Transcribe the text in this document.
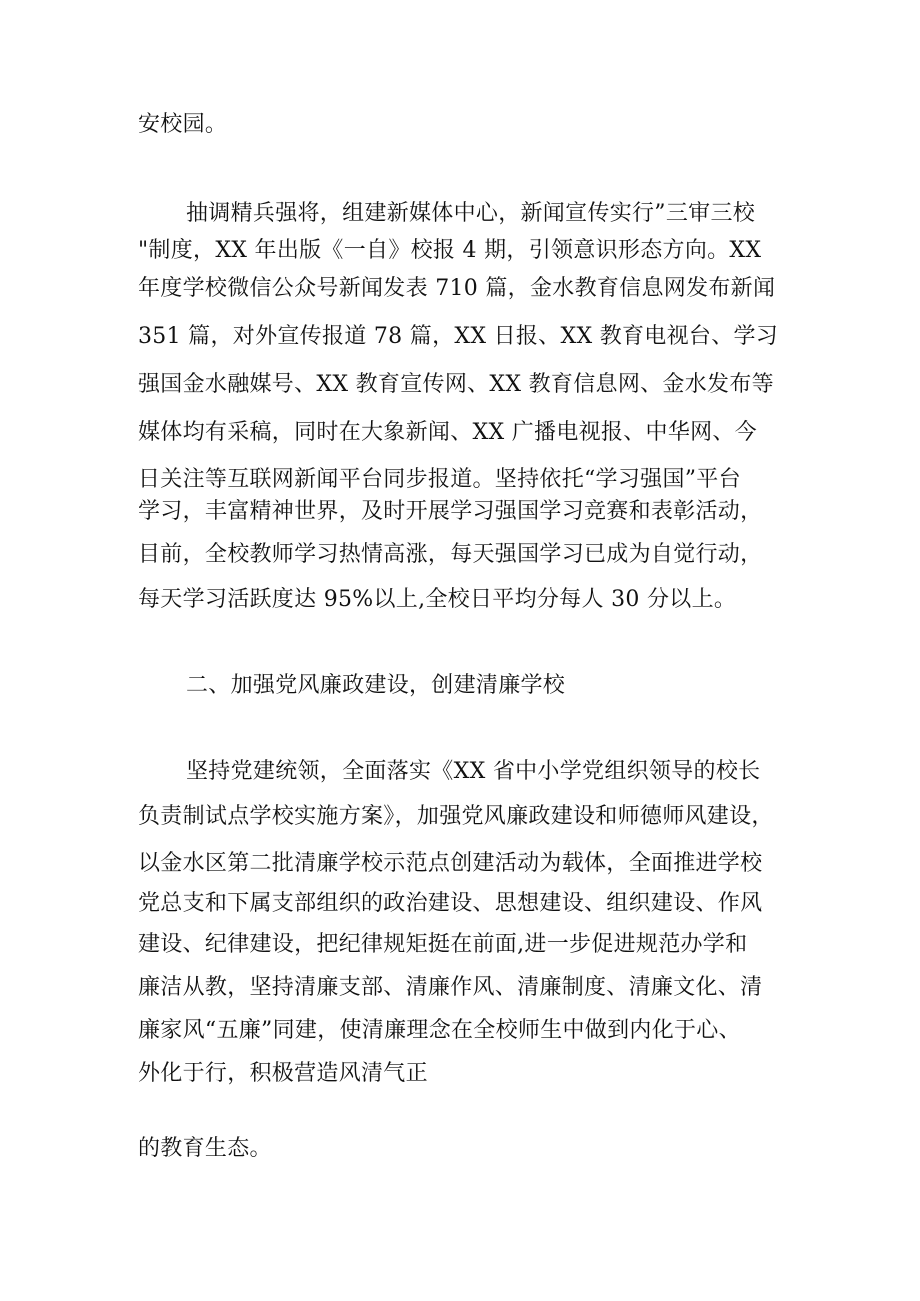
安校园。
抽调精兵强将，组建新媒体中心，新闻宣传实行”三审三校
"制度，XX 年出版《一自》校报 4 期，引领意识形态方向。XX
年度学校微信公众号新闻发表 710 篇，金水教育信息网发布新闻
351 篇，对外宣传报道 78 篇，XX 日报、XX 教育电视台、学习
强国金水融媒号、XX 教育宣传网、XX 教育信息网、金水发布等
媒体均有采稿，同时在大象新闻、XX 广播电视报、中华网、今
日关注等互联网新闻平台同步报道。坚持依托“学习强国”平台
学习，丰富精神世界，及时开展学习强国学习竞赛和表彰活动，
目前，全校教师学习热情高涨，每天强国学习已成为自觉行动，
每天学习活跃度达 95%以上,全校日平均分每人 30 分以上。
二、加强党风廉政建设，创建清廉学校
坚持党建统领，全面落实《XX 省中小学党组织领导的校长
负责制试点学校实施方案》，加强党风廉政建设和师德师风建设，
以金水区第二批清廉学校示范点创建活动为载体，全面推进学校
党总支和下属支部组织的政治建设、思想建设、组织建设、作风
建设、纪律建设，把纪律规矩挺在前面,进一步促进规范办学和
廉洁从教，坚持清廉支部、清廉作风、清廉制度、清廉文化、清
廉家风“五廉”同建，使清廉理念在全校师生中做到内化于心、
外化于行，积极营造风清气正
的教育生态。
